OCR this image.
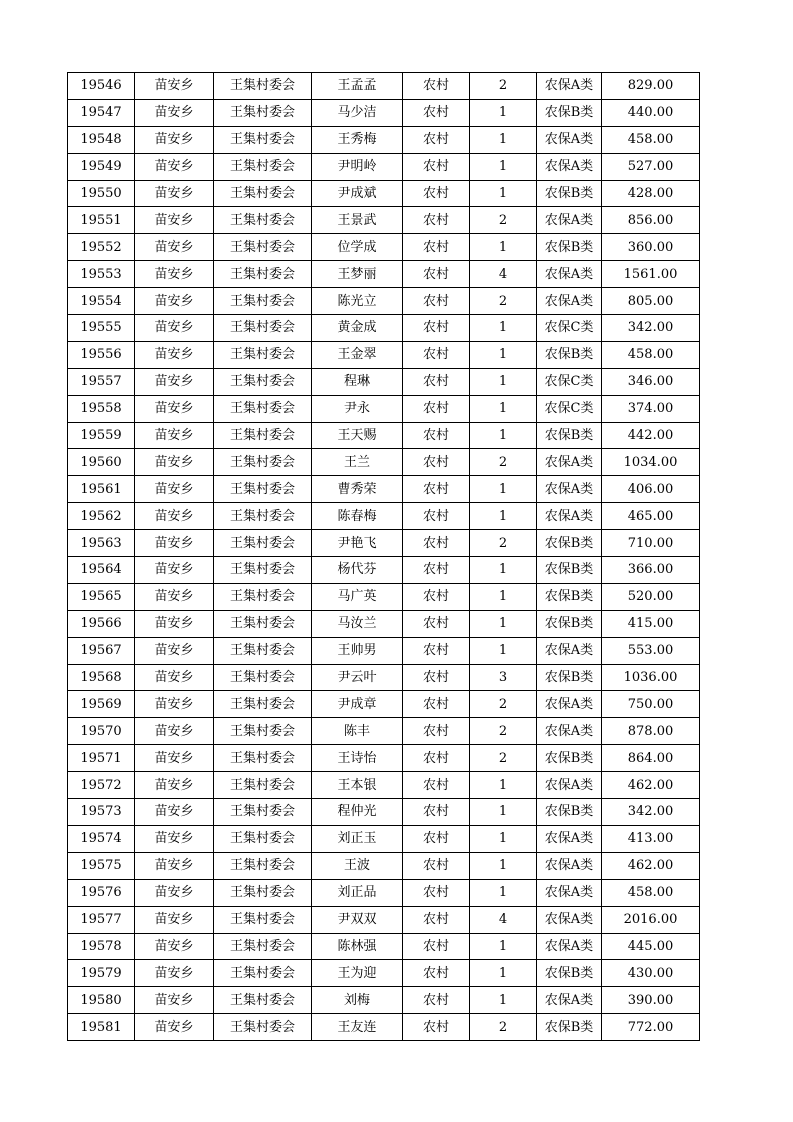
19546	苗安乡	王集村委会	王孟孟	农村	2	农保A类	829.00
19547	苗安乡	王集村委会	马少洁	农村	1	农保B类	440.00
19548	苗安乡	王集村委会	王秀梅	农村	1	农保A类	458.00
19549	苗安乡	王集村委会	尹明岭	农村	1	农保A类	527.00
19550	苗安乡	王集村委会	尹成斌	农村	1	农保B类	428.00
19551	苗安乡	王集村委会	王景武	农村	2	农保A类	856.00
19552	苗安乡	王集村委会	位学成	农村	1	农保B类	360.00
19553	苗安乡	王集村委会	王梦丽	农村	4	农保A类	1561.00
19554	苗安乡	王集村委会	陈光立	农村	2	农保A类	805.00
19555	苗安乡	王集村委会	黄金成	农村	1	农保C类	342.00
19556	苗安乡	王集村委会	王金翠	农村	1	农保B类	458.00
19557	苗安乡	王集村委会	程琳	农村	1	农保C类	346.00
19558	苗安乡	王集村委会	尹永	农村	1	农保C类	374.00
19559	苗安乡	王集村委会	王天赐	农村	1	农保B类	442.00
19560	苗安乡	王集村委会	王兰	农村	2	农保A类	1034.00
19561	苗安乡	王集村委会	曹秀荣	农村	1	农保A类	406.00
19562	苗安乡	王集村委会	陈春梅	农村	1	农保A类	465.00
19563	苗安乡	王集村委会	尹艳飞	农村	2	农保B类	710.00
19564	苗安乡	王集村委会	杨代芬	农村	1	农保B类	366.00
19565	苗安乡	王集村委会	马广英	农村	1	农保B类	520.00
19566	苗安乡	王集村委会	马汝兰	农村	1	农保B类	415.00
19567	苗安乡	王集村委会	王帅男	农村	1	农保A类	553.00
19568	苗安乡	王集村委会	尹云叶	农村	3	农保B类	1036.00
19569	苗安乡	王集村委会	尹成章	农村	2	农保A类	750.00
19570	苗安乡	王集村委会	陈丰	农村	2	农保A类	878.00
19571	苗安乡	王集村委会	王诗怡	农村	2	农保B类	864.00
19572	苗安乡	王集村委会	王本银	农村	1	农保A类	462.00
19573	苗安乡	王集村委会	程仲光	农村	1	农保B类	342.00
19574	苗安乡	王集村委会	刘正玉	农村	1	农保A类	413.00
19575	苗安乡	王集村委会	王波	农村	1	农保A类	462.00
19576	苗安乡	王集村委会	刘正品	农村	1	农保A类	458.00
19577	苗安乡	王集村委会	尹双双	农村	4	农保A类	2016.00
19578	苗安乡	王集村委会	陈林强	农村	1	农保A类	445.00
19579	苗安乡	王集村委会	王为迎	农村	1	农保B类	430.00
19580	苗安乡	王集村委会	刘梅	农村	1	农保A类	390.00
19581	苗安乡	王集村委会	王友连	农村	2	农保B类	772.00
